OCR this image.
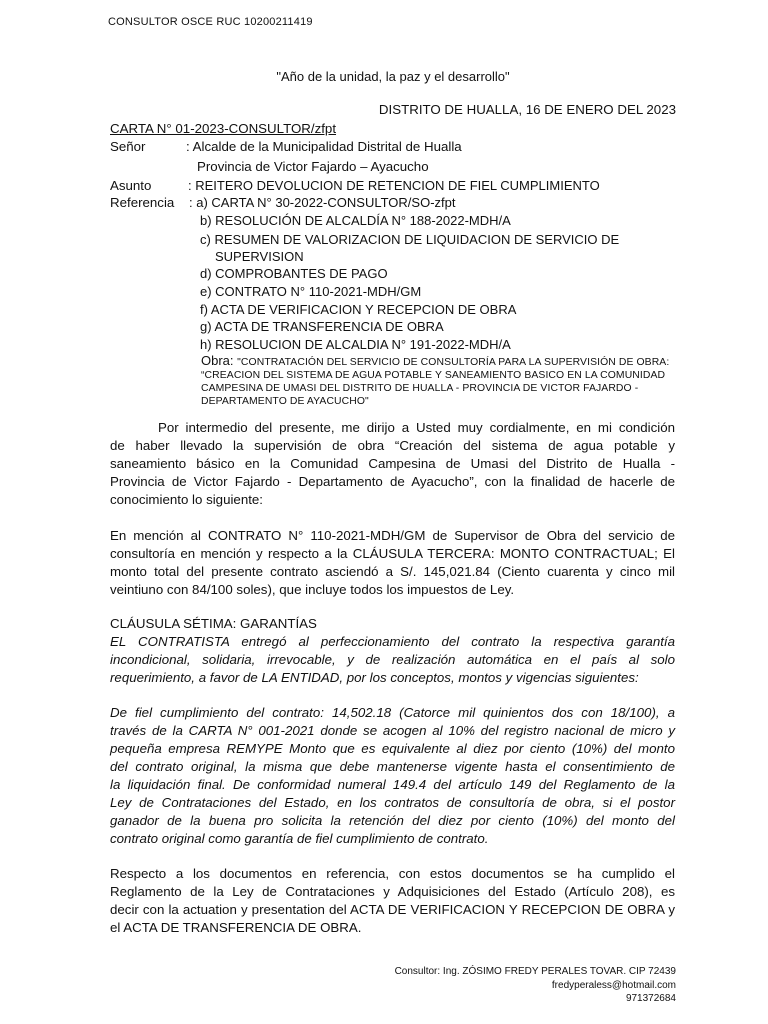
CONSULTOR OSCE RUC 10200211419
"Año de la unidad, la paz y el desarrollo"
DISTRITO DE HUALLA, 16 DE ENERO DEL 2023
CARTA N° 01-2023-CONSULTOR/zfpt
Señor	: Alcalde de la Municipalidad Distrital de Hualla
Provincia de Victor Fajardo – Ayacucho
Asunto	: REITERO DEVOLUCION DE RETENCION DE FIEL CUMPLIMIENTO
Referencia : a) CARTA N° 30-2022-CONSULTOR/SO-zfpt
b) RESOLUCIÓN DE ALCALDÍA N° 188-2022-MDH/A
c) RESUMEN DE VALORIZACION DE LIQUIDACION DE SERVICIO DE
SUPERVISION
d) COMPROBANTES DE PAGO
e) CONTRATO N° 110-2021-MDH/GM
f) ACTA DE VERIFICACION Y RECEPCION DE OBRA
g) ACTA DE TRANSFERENCIA DE OBRA
h) RESOLUCION DE ALCALDIA N° 191-2022-MDH/A
Obra: "CONTRATACIÓN DEL SERVICIO DE CONSULTORÍA PARA LA SUPERVISIÓN DE OBRA:
“CREACION DEL SISTEMA DE AGUA POTABLE Y SANEAMIENTO BASICO EN LA COMUNIDAD
CAMPESINA DE UMASI DEL DISTRITO DE HUALLA - PROVINCIA DE VICTOR FAJARDO -
DEPARTAMENTO DE AYACUCHO"
Por intermedio del presente, me dirijo a Usted muy cordialmente, en mi condición
de haber llevado la supervisión de obra “Creación del sistema de agua potable y
saneamiento básico en la Comunidad Campesina de Umasi del Distrito de Hualla -
Provincia de Victor Fajardo - Departamento de Ayacucho”, con la finalidad de hacerle de
conocimiento lo siguiente:
En mención al CONTRATO N° 110-2021-MDH/GM de Supervisor de Obra del servicio de
consultoría en mención y respecto a la CLÁUSULA TERCERA: MONTO CONTRACTUAL; El
monto total del presente contrato asciendó a S/. 145,021.84 (Ciento cuarenta y cinco mil
veintiuno con 84/100 soles), que incluye todos los impuestos de Ley.
CLÁUSULA SÉTIMA: GARANTÍAS
EL CONTRATISTA entregó al perfeccionamiento del contrato la respectiva garantía
incondicional, solidaria, irrevocable, y de realización automática en el país al solo
requerimiento, a favor de LA ENTIDAD, por los conceptos, montos y vigencias siguientes:
De fiel cumplimiento del contrato: 14,502.18 (Catorce mil quinientos dos con 18/100), a
través de la CARTA N° 001-2021 donde se acogen al 10% del registro nacional de micro y
pequeña empresa REMYPE Monto que es equivalente al diez por ciento (10%) del monto
del contrato original, la misma que debe mantenerse vigente hasta el consentimiento de
la liquidación final. De conformidad numeral 149.4 del artículo 149 del Reglamento de la
Ley de Contrataciones del Estado, en los contratos de consultoría de obra, si el postor
ganador de la buena pro solicita la retención del diez por ciento (10%) del monto del
contrato original como garantía de fiel cumplimiento de contrato.
Respecto a los documentos en referencia, con estos documentos se ha cumplido el
Reglamento de la Ley de Contrataciones y Adquisiciones del Estado (Artículo 208), es
decir con la actuation y presentation del ACTA DE VERIFICACION Y RECEPCION DE OBRA y
el ACTA DE TRANSFERENCIA DE OBRA.
Consultor: Ing. ZÓSIMO FREDY PERALES TOVAR. CIP 72439
fredyperaless@hotmail.com
971372684
